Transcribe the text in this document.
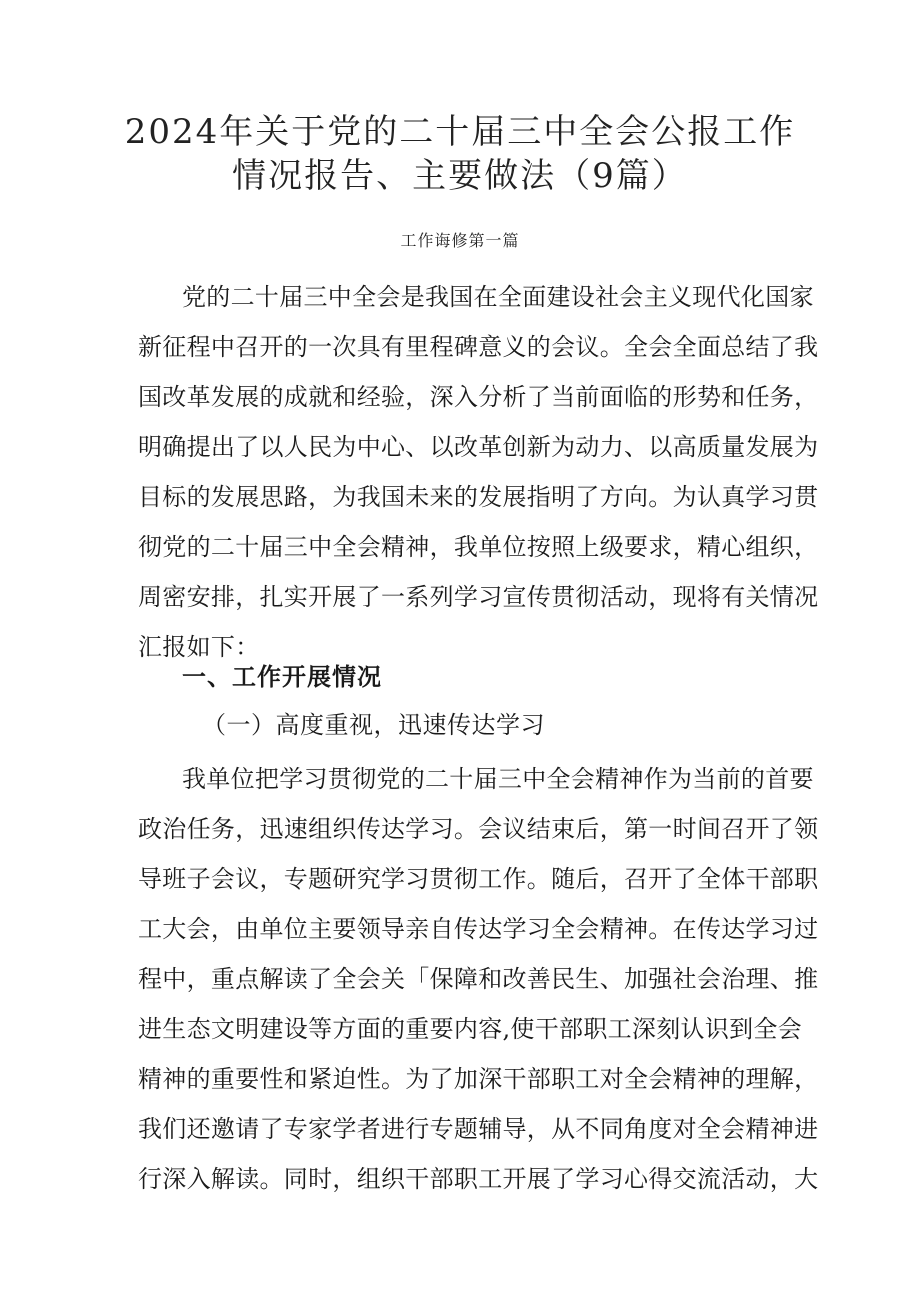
2024年关于党的二十届三中全会公报工作
情况报告、主要做法（9篇）
工作诲修第一篇
党的二十届三中全会是我国在全面建设社会主义现代化国家
新征程中召开的一次具有里程碑意义的会议。全会全面总结了我
国改革发展的成就和经验，深入分析了当前面临的形势和任务，
明确提出了以人民为中心、以改革创新为动力、以高质量发展为
目标的发展思路，为我国未来的发展指明了方向。为认真学习贯
彻党的二十届三中全会精神，我单位按照上级要求，精心组织，
周密安排，扎实开展了一系列学习宣传贯彻活动，现将有关情况
汇报如下：
一、工作开展情况
（一）高度重视，迅速传达学习
我单位把学习贯彻党的二十届三中全会精神作为当前的首要
政治任务，迅速组织传达学习。会议结束后，第一时间召开了领
导班子会议，专题研究学习贯彻工作。随后，召开了全体干部职
工大会，由单位主要领导亲自传达学习全会精神。在传达学习过
程中，重点解读了全会关「保障和改善民生、加强社会治理、推
进生态文明建设等方面的重要内容,使干部职工深刻认识到全会
精神的重要性和紧迫性。为了加深干部职工对全会精神的理解，
我们还邀请了专家学者进行专题辅导，从不同角度对全会精神进
行深入解读。同时，组织干部职工开展了学习心得交流活动，大
